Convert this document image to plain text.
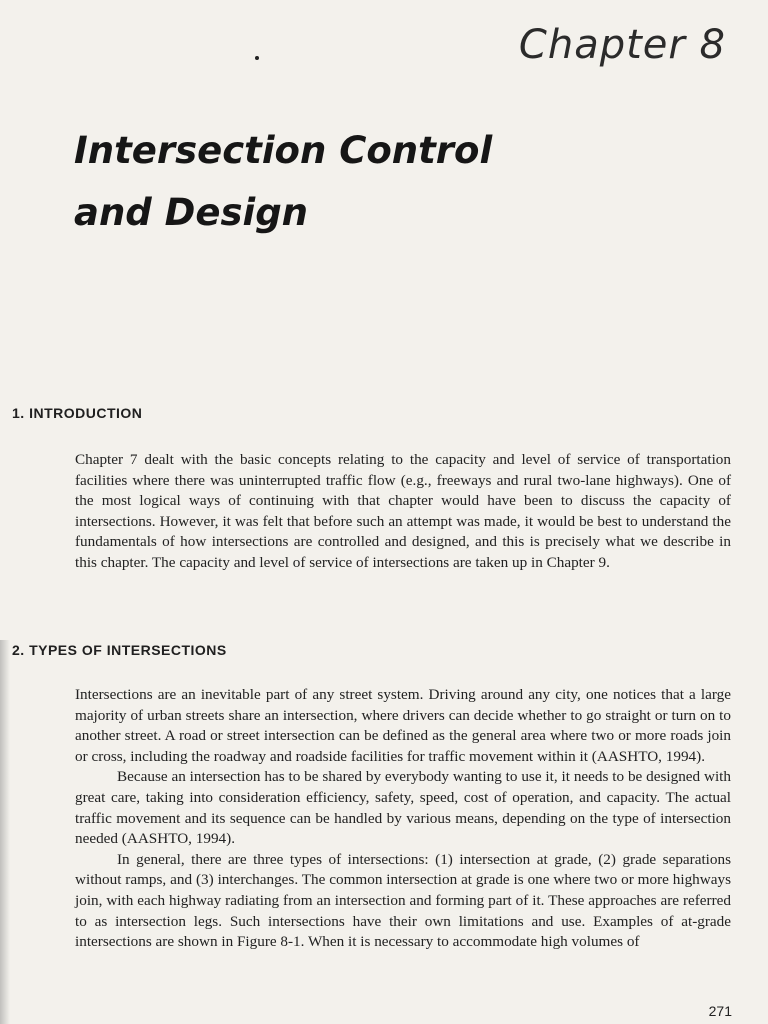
Chapter 8
Intersection Control
and Design
1. INTRODUCTION

Chapter 7 dealt with the basic concepts relating to the capacity and level of service of transportation facilities where there was uninterrupted traffic flow (e.g., freeways and rural two-lane highways). One of the most logical ways of continuing with that chapter would have been to discuss the capacity of intersections. However, it was felt that before such an attempt was made, it would be best to understand the fundamentals of how intersections are controlled and designed, and this is precisely what we describe in this chapter. The capacity and level of service of intersections are taken up in Chapter 9.

2. TYPES OF INTERSECTIONS

Intersections are an inevitable part of any street system. Driving around any city, one notices that a large majority of urban streets share an intersection, where drivers can decide whether to go straight or turn on to another street. A road or street intersection can be defined as the general area where two or more roads join or cross, including the roadway and roadside facilities for traffic movement within it (AASHTO, 1994).

Because an intersection has to be shared by everybody wanting to use it, it needs to be designed with great care, taking into consideration efficiency, safety, speed, cost of operation, and capacity. The actual traffic movement and its sequence can be handled by various means, depending on the type of intersection needed (AASHTO, 1994).

In general, there are three types of intersections: (1) intersection at grade, (2) grade separations without ramps, and (3) interchanges. The common intersection at grade is one where two or more highways join, with each highway radiating from an intersection and forming part of it. These approaches are referred to as intersection legs. Such intersections have their own limitations and use. Examples of at-grade intersections are shown in Figure 8-1. When it is necessary to accommodate high volumes of

271
